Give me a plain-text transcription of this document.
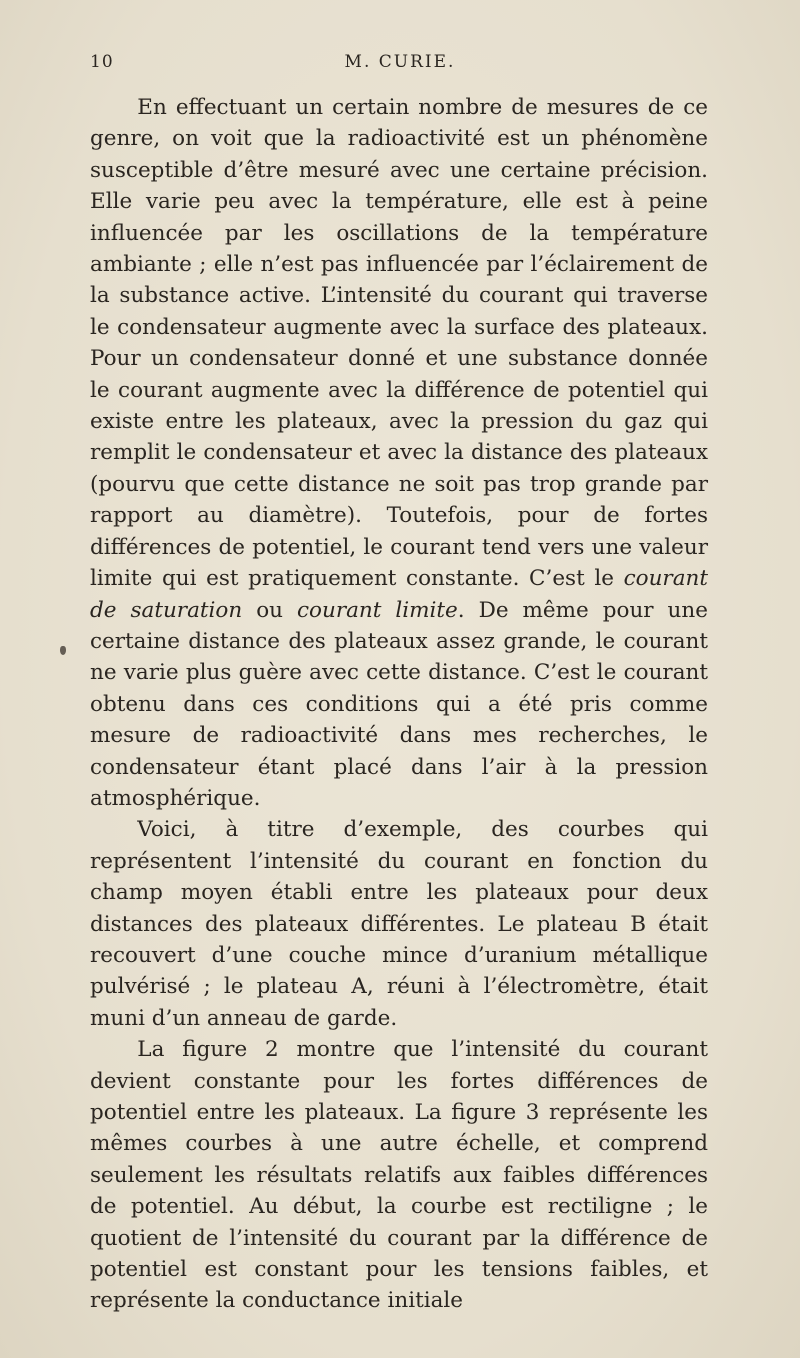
10	M. CURIE.

En effectuant un certain nombre de mesures de ce genre, on voit que la radioactivité est un phénomène susceptible d’être mesuré avec une certaine précision. Elle varie peu avec la température, elle est à peine influencée par les oscillations de la température ambiante ; elle n’est pas influencée par l’éclairement de la substance active. L’intensité du courant qui traverse le condensateur augmente avec la surface des plateaux. Pour un condensateur donné et une substance donnée le courant augmente avec la différence de potentiel qui existe entre les plateaux, avec la pression du gaz qui remplit le condensateur et avec la distance des plateaux (pourvu que cette distance ne soit pas trop grande par rapport au diamètre). Toutefois, pour de fortes différences de potentiel, le courant tend vers une valeur limite qui est pratiquement constante. C’est le courant de saturation ou courant limite. De même pour une certaine distance des plateaux assez grande, le courant ne varie plus guère avec cette distance. C’est le courant obtenu dans ces conditions qui a été pris comme mesure de radioactivité dans mes recherches, le condensateur étant placé dans l’air à la pression atmosphérique.

Voici, à titre d’exemple, des courbes qui représentent l’intensité du courant en fonction du champ moyen établi entre les plateaux pour deux distances des plateaux différentes. Le plateau B était recouvert d’une couche mince d’uranium métallique pulvérisé ; le plateau A, réuni à l’électromètre, était muni d’un anneau de garde.

La figure 2 montre que l’intensité du courant devient constante pour les fortes différences de potentiel entre les plateaux. La figure 3 représente les mêmes courbes à une autre échelle, et comprend seulement les résultats relatifs aux faibles différences de potentiel. Au début, la courbe est rectiligne ; le quotient de l’intensité du courant par la différence de potentiel est constant pour les tensions faibles, et représente la conductance initiale
